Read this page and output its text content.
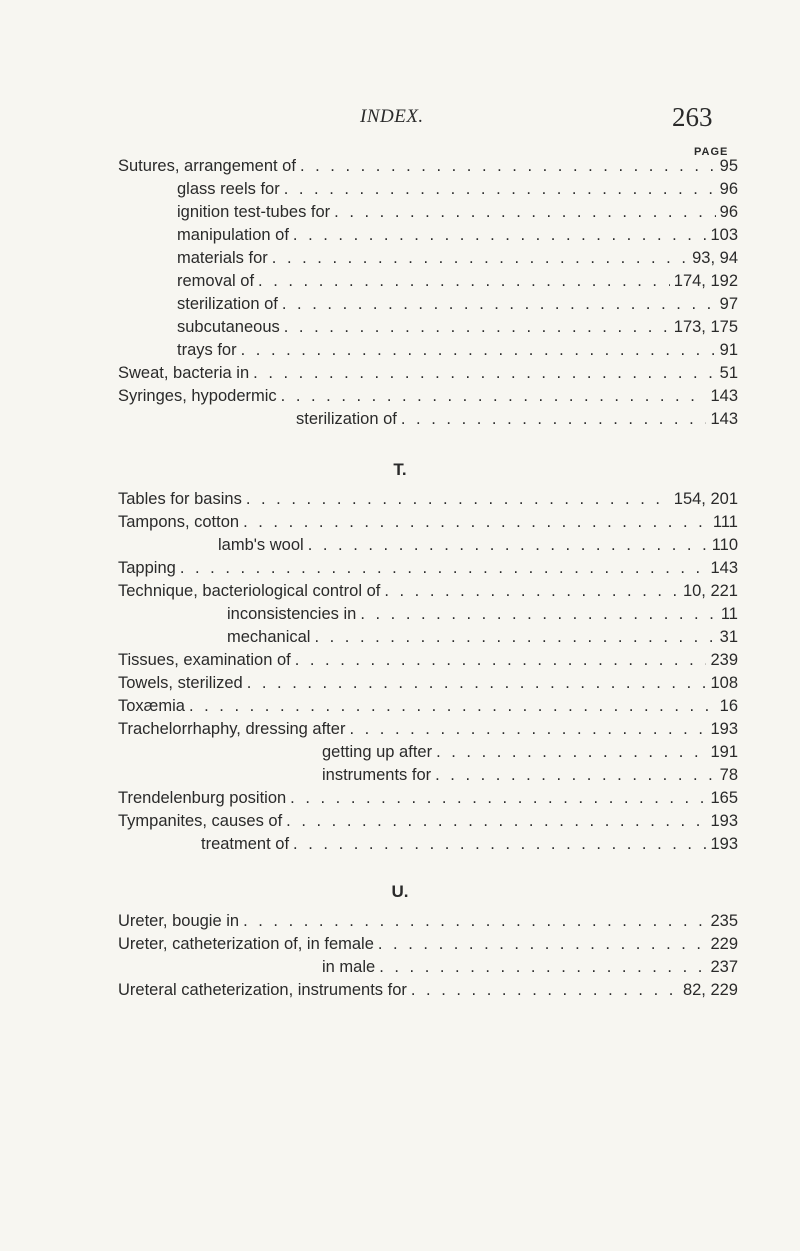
INDEX.	263
PAGE
Sutures, arrangement of . . .	95
glass reels for . . .	96
ignition test-tubes for . . .	96
manipulation of . . .	103
materials for . . .	93, 94
removal of . . .	174, 192
sterilization of . . .	97
subcutaneous . . .	173, 175
trays for . . .	91
Sweat, bacteria in . . .	51
Syringes, hypodermic . . .	143
sterilization of . . .	143
T.
Tables for basins . . .	154, 201
Tampons, cotton . . .	111
lamb's wool . . .	110
Tapping . . .	143
Technique, bacteriological control of . . .	10, 221
inconsistencies in . . .	11
mechanical . . .	31
Tissues, examination of . . .	239
Towels, sterilized . . .	108
Toxæmia . . .	16
Trachelorrhaphy, dressing after . . .	193
getting up after . . .	191
instruments for . . .	78
Trendelenburg position . . .	165
Tympanites, causes of . . .	193
treatment of . . .	193
U.
Ureter, bougie in . . .	235
Ureter, catheterization of, in female . . .	229
in male . . .	237
Ureteral catheterization, instruments for . . .	82, 229
